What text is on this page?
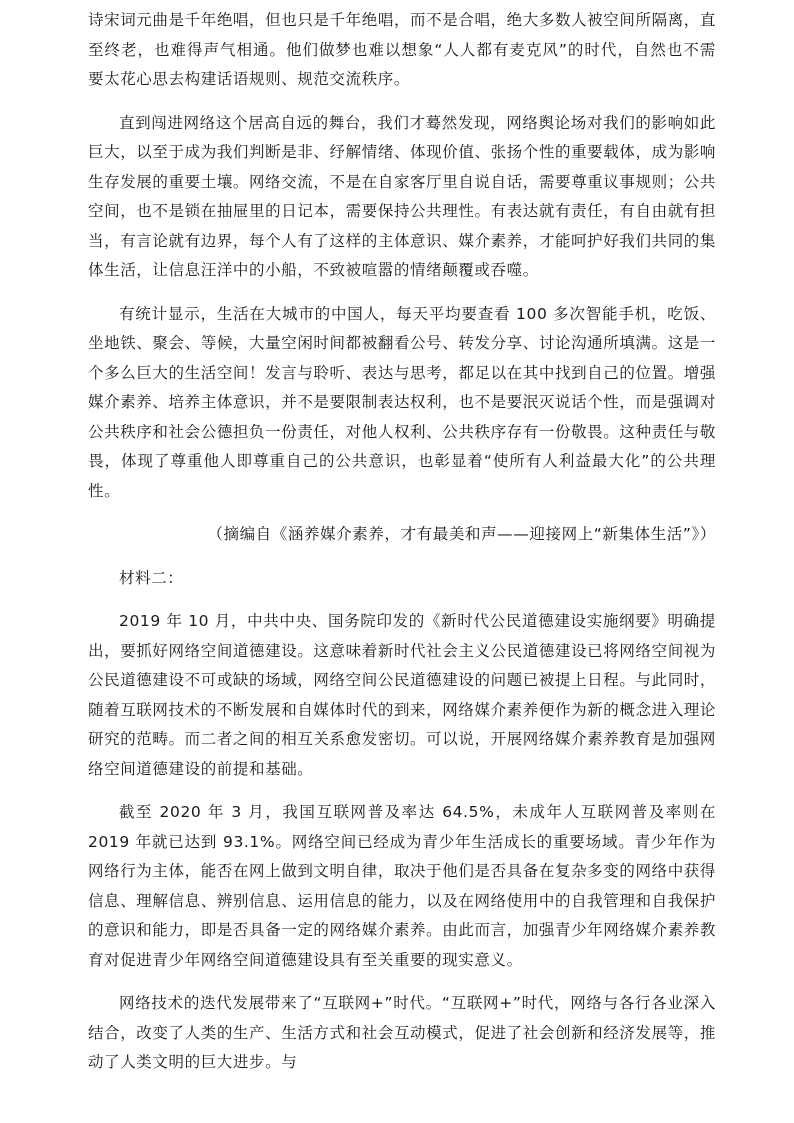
诗宋词元曲是千年绝唱，但也只是千年绝唱，而不是合唱，绝大多数人被空间所隔离，直至终老，也难得声气相通。他们做梦也难以想象“人人都有麦克风”的时代，自然也不需要太花心思去构建话语规则、规范交流秩序。

直到闯进网络这个居高自远的舞台，我们才蓦然发现，网络舆论场对我们的影响如此巨大，以至于成为我们判断是非、纾解情绪、体现价值、张扬个性的重要载体，成为影响生存发展的重要土壤。网络交流，不是在自家客厅里自说自话，需要尊重议事规则；公共空间，也不是锁在抽屉里的日记本，需要保持公共理性。有表达就有责任，有自由就有担当，有言论就有边界，每个人有了这样的主体意识、媒介素养，才能呵护好我们共同的集体生活，让信息汪洋中的小船，不致被喧嚣的情绪颠覆或吞噬。

有统计显示，生活在大城市的中国人，每天平均要查看 100 多次智能手机，吃饭、坐地铁、聚会、等候，大量空闲时间都被翻看公号、转发分享、讨论沟通所填满。这是一个多么巨大的生活空间！发言与聆听、表达与思考，都足以在其中找到自己的位置。增强媒介素养、培养主体意识，并不是要限制表达权利，也不是要泯灭说话个性，而是强调对公共秩序和社会公德担负一份责任，对他人权利、公共秩序存有一份敬畏。这种责任与敬畏，体现了尊重他人即尊重自己的公共意识，也彰显着“使所有人利益最大化”的公共理性。

（摘编自《涵养媒介素养，才有最美和声——迎接网上“新集体生活”》）

材料二：

2019 年 10 月，中共中央、国务院印发的《新时代公民道德建设实施纲要》明确提出，要抓好网络空间道德建设。这意味着新时代社会主义公民道德建设已将网络空间视为公民道德建设不可或缺的场域，网络空间公民道德建设的问题已被提上日程。与此同时，随着互联网技术的不断发展和自媒体时代的到来，网络媒介素养便作为新的概念进入理论研究的范畴。而二者之间的相互关系愈发密切。可以说，开展网络媒介素养教育是加强网络空间道德建设的前提和基础。

截至 2020 年 3 月，我国互联网普及率达 64.5%，未成年人互联网普及率则在 2019 年就已达到 93.1%。网络空间已经成为青少年生活成长的重要场域。青少年作为网络行为主体，能否在网上做到文明自律，取决于他们是否具备在复杂多变的网络中获得信息、理解信息、辨别信息、运用信息的能力，以及在网络使用中的自我管理和自我保护的意识和能力，即是否具备一定的网络媒介素养。由此而言，加强青少年网络媒介素养教育对促进青少年网络空间道德建设具有至关重要的现实意义。

网络技术的迭代发展带来了“互联网+”时代。“互联网+”时代，网络与各行各业深入结合，改变了人类的生产、生活方式和社会互动模式，促进了社会创新和经济发展等，推动了人类文明的巨大进步。与
